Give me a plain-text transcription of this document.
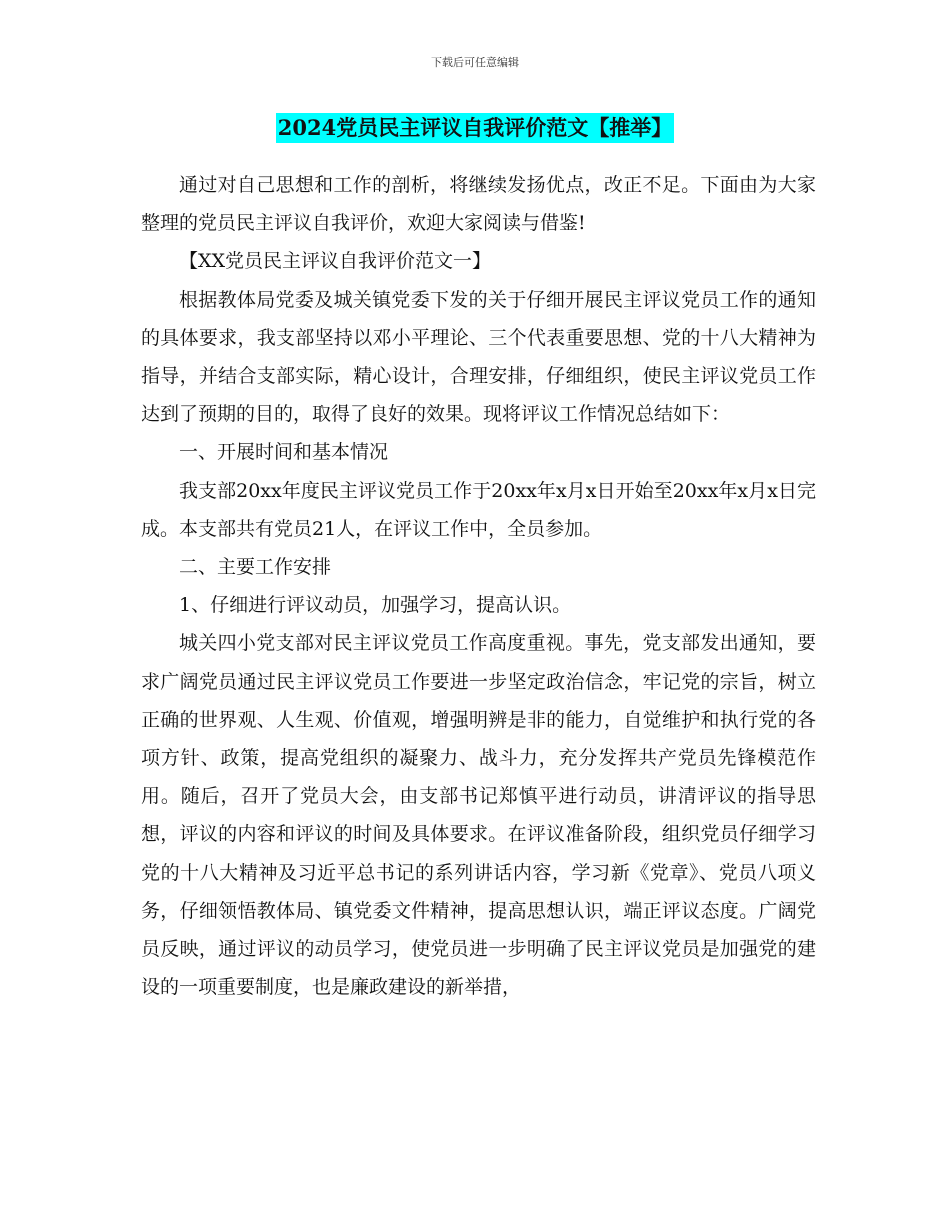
下载后可任意编辑
2024党员民主评议自我评价范文【推举】

通过对自己思想和工作的剖析，将继续发扬优点，改正不足。下面由为大家整理的党员民主评议自我评价，欢迎大家阅读与借鉴!

【XX党员民主评议自我评价范文一】

根据教体局党委及城关镇党委下发的关于仔细开展民主评议党员工作的通知的具体要求，我支部坚持以邓小平理论、三个代表重要思想、党的十八大精神为指导，并结合支部实际，精心设计，合理安排，仔细组织，使民主评议党员工作达到了预期的目的，取得了良好的效果。现将评议工作情况总结如下：

一、开展时间和基本情况

我支部20xx年度民主评议党员工作于20xx年x月x日开始至20xx年x月x日完成。本支部共有党员21人，在评议工作中，全员参加。

二、主要工作安排

1、仔细进行评议动员，加强学习，提高认识。

城关四小党支部对民主评议党员工作高度重视。事先，党支部发出通知，要求广阔党员通过民主评议党员工作要进一步坚定政治信念，牢记党的宗旨，树立正确的世界观、人生观、价值观，增强明辨是非的能力，自觉维护和执行党的各项方针、政策，提高党组织的凝聚力、战斗力，充分发挥共产党员先锋模范作用。随后，召开了党员大会，由支部书记郑慎平进行动员，讲清评议的指导思想，评议的内容和评议的时间及具体要求。在评议准备阶段，组织党员仔细学习党的十八大精神及习近平总书记的系列讲话内容，学习新《党章》、党员八项义务，仔细领悟教体局、镇党委文件精神，提高思想认识，端正评议态度。广阔党员反映，通过评议的动员学习，使党员进一步明确了民主评议党员是加强党的建设的一项重要制度，也是廉政建设的新举措，
